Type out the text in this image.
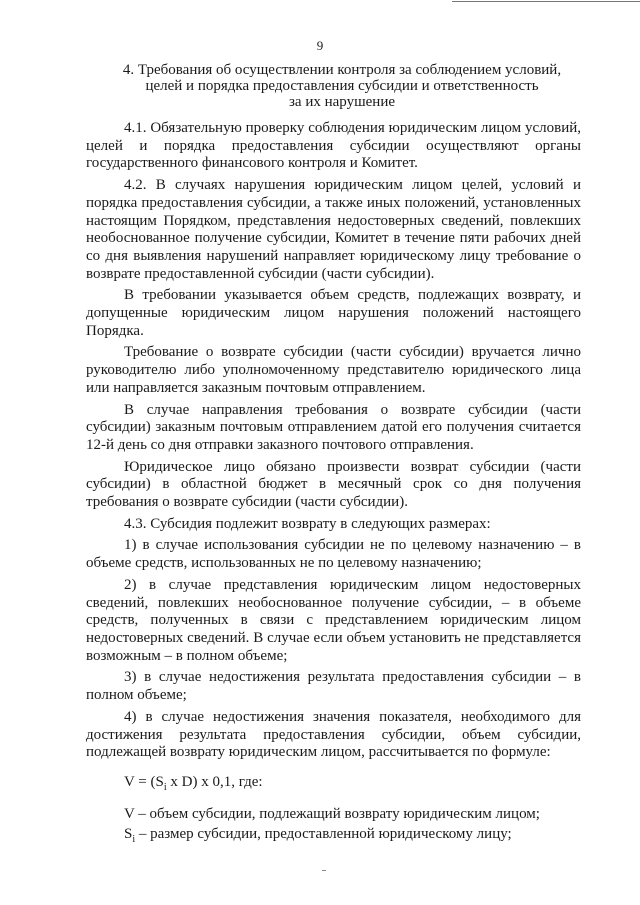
9
4. Требования об осуществлении контроля за соблюдением условий,
целей и порядка предоставления субсидии и ответственность
за их нарушение

4.1. Обязательную проверку соблюдения юридическим лицом условий, целей и порядка предоставления субсидии осуществляют органы государственного финансового контроля и Комитет.

4.2. В случаях нарушения юридическим лицом целей, условий и порядка предоставления субсидии, а также иных положений, установленных настоящим Порядком, представления недостоверных сведений, повлекших необоснованное получение субсидии, Комитет в течение пяти рабочих дней со дня выявления нарушений направляет юридическому лицу требование о возврате предоставленной субсидии (части субсидии).

В требовании указывается объем средств, подлежащих возврату, и допущенные юридическим лицом нарушения положений настоящего Порядка.

Требование о возврате субсидии (части субсидии) вручается лично руководителю либо уполномоченному представителю юридического лица или направляется заказным почтовым отправлением.

В случае направления требования о возврате субсидии (части субсидии) заказным почтовым отправлением датой его получения считается 12-й день со дня отправки заказного почтового отправления.

Юридическое лицо обязано произвести возврат субсидии (части субсидии) в областной бюджет в месячный срок со дня получения требования о возврате субсидии (части субсидии).

4.3. Субсидия подлежит возврату в следующих размерах:

1) в случае использования субсидии не по целевому назначению – в объеме средств, использованных не по целевому назначению;

2) в случае представления юридическим лицом недостоверных сведений, повлекших необоснованное получение субсидии, – в объеме средств, полученных в связи с представлением юридическим лицом недостоверных сведений. В случае если объем установить не представляется возможным – в полном объеме;

3) в случае недостижения результата предоставления субсидии – в полном объеме;

4) в случае недостижения значения показателя, необходимого для достижения результата предоставления субсидии, объем субсидии, подлежащей возврату юридическим лицом, рассчитывается по формуле:

$V = (S_i$ x D) x 0,1, где:

V – объем субсидии, подлежащий возврату юридическим лицом;

$S_i$ – размер субсидии, предоставленной юридическому лицу;
